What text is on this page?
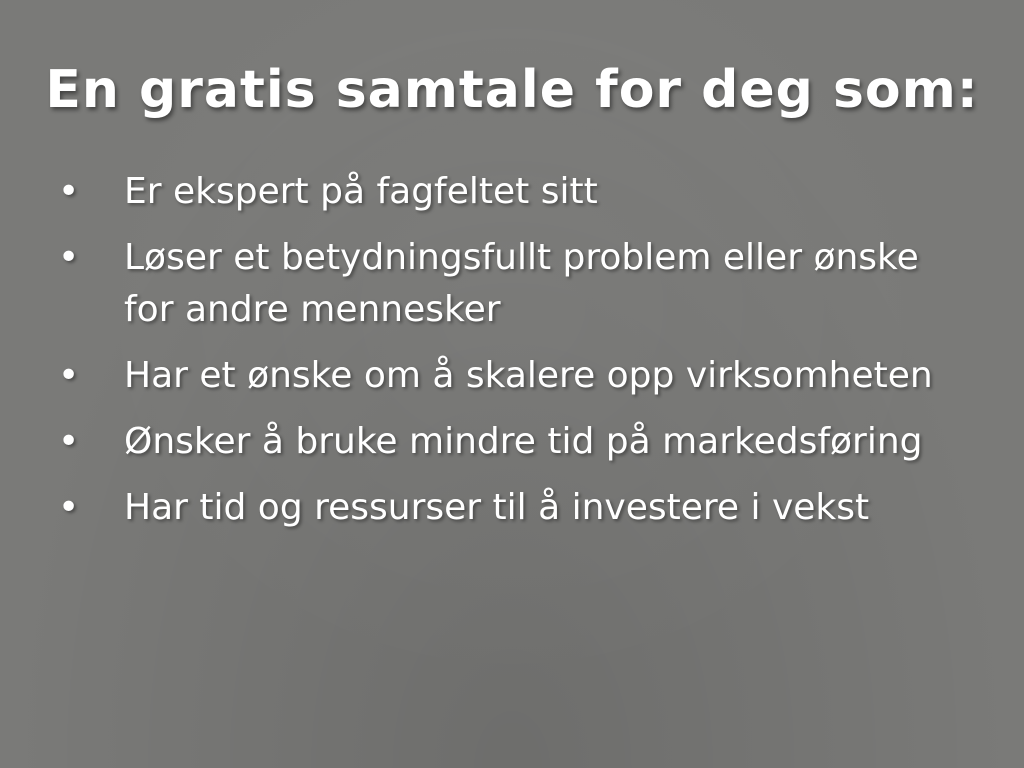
En gratis samtale for deg som:
• Er ekspert på fagfeltet sitt
• Løser et betydningsfullt problem eller ønske for andre mennesker
• Har et ønske om å skalere opp virksomheten
• Ønsker å bruke mindre tid på markedsføring
• Har tid og ressurser til å investere i vekst
